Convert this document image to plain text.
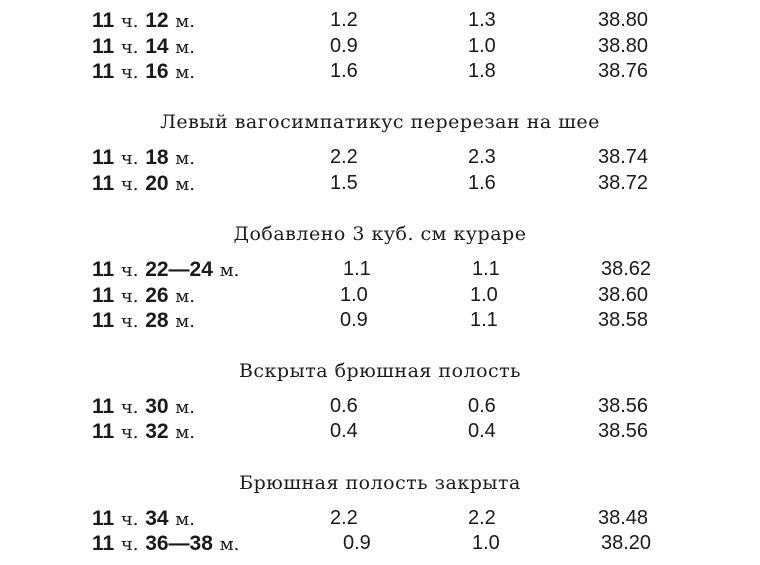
11 ч. 12 м.	1.2	1.3	38.80
11 ч. 14 м.	0.9	1.0	38.80
11 ч. 16 м.	1.6	1.8	38.76
Левый вагосимпатикус перерезан на шее
11 ч. 18 м.	2.2	2.3	38.74
11 ч. 20 м.	1.5	1.6	38.72
Добавлено 3 куб. см кураре
11 ч. 22—24 м.	1.1	1.1	38.62
11 ч. 26 м.	1.0	1.0	38.60
11 ч. 28 м.	0.9	1.1	38.58
Вскрыта брюшная полость
11 ч. 30 м.	0.6	0.6	38.56
11 ч. 32 м.	0.4	0.4	38.56
Брюшная полость закрыта
11 ч. 34 м.	2.2	2.2	38.48
11 ч. 36—38 м.	0.9	1.0	38.20
